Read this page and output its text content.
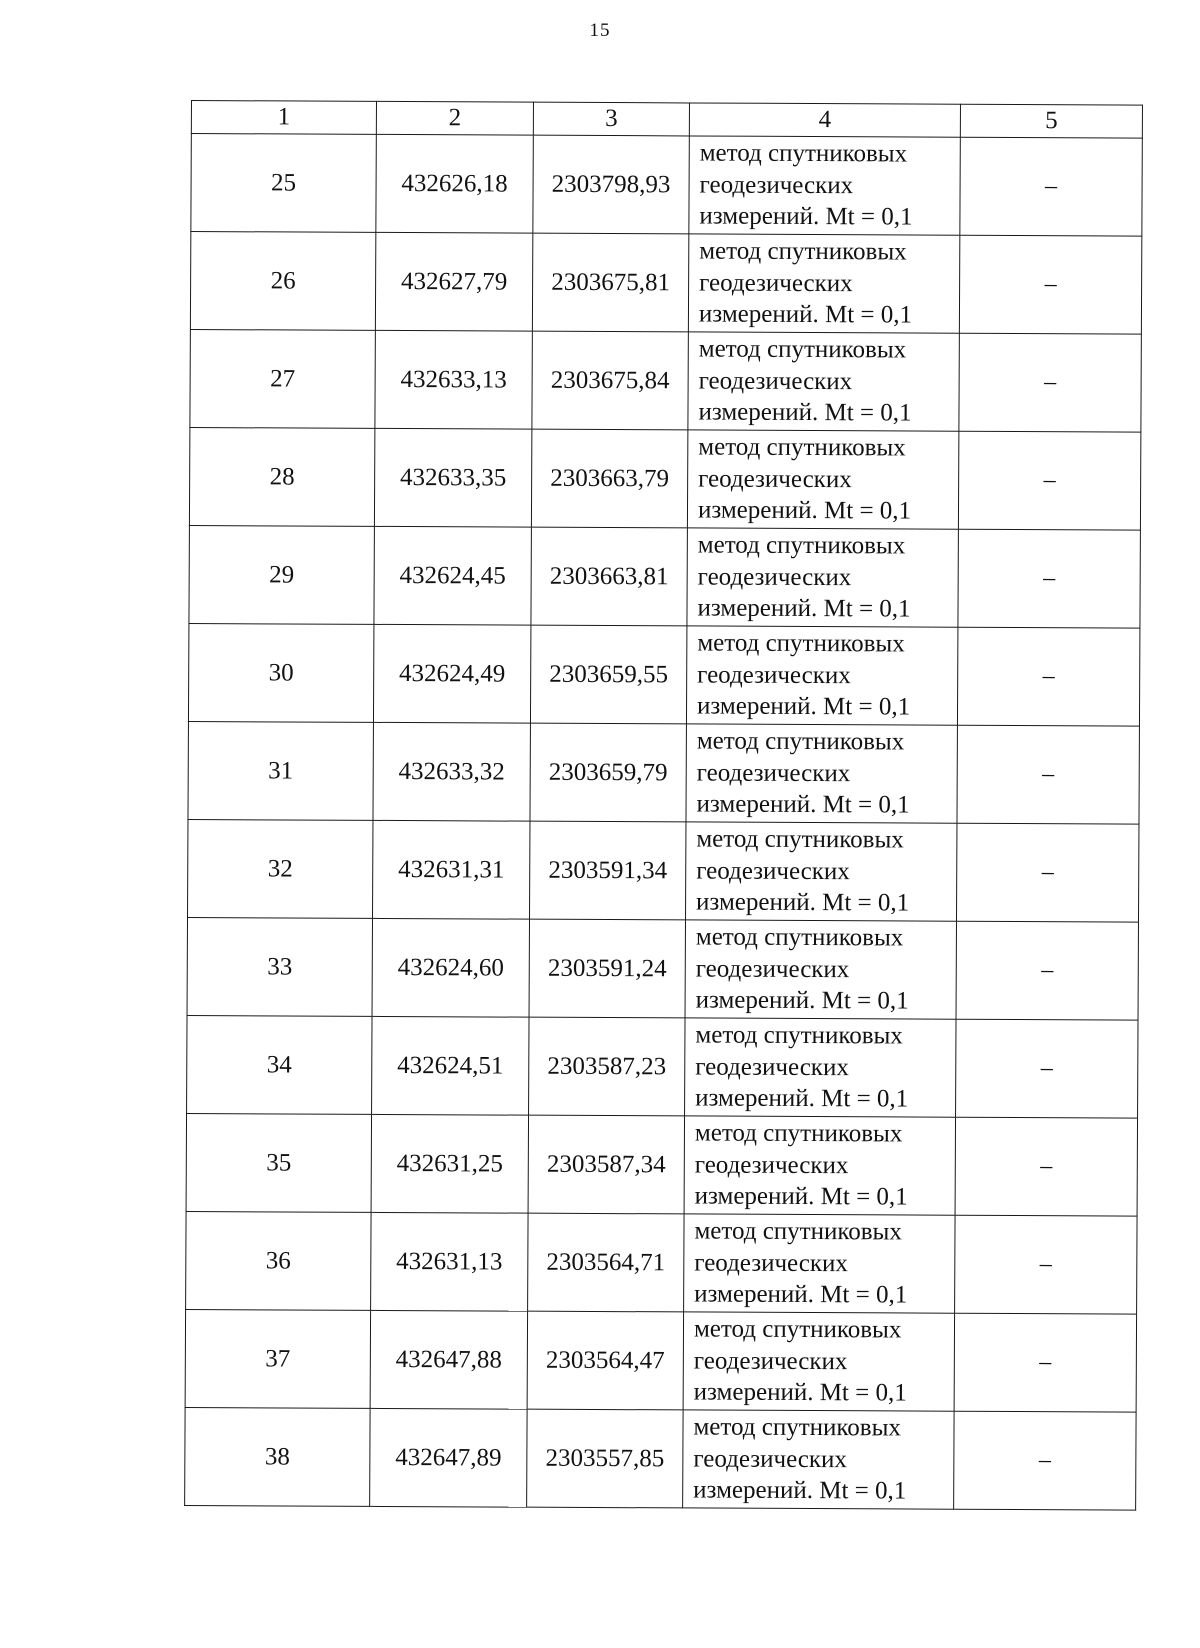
15
1	2	3	4	5
25	432626,18	2303798,93	метод спутниковых
геодезических
измерений. Mt = 0,1	–
26	432627,79	2303675,81	метод спутниковых
геодезических
измерений. Mt = 0,1	–
27	432633,13	2303675,84	метод спутниковых
геодезических
измерений. Mt = 0,1	–
28	432633,35	2303663,79	метод спутниковых
геодезических
измерений. Mt = 0,1	–
29	432624,45	2303663,81	метод спутниковых
геодезических
измерений. Mt = 0,1	–
30	432624,49	2303659,55	метод спутниковых
геодезических
измерений. Mt = 0,1	–
31	432633,32	2303659,79	метод спутниковых
геодезических
измерений. Mt = 0,1	–
32	432631,31	2303591,34	метод спутниковых
геодезических
измерений. Mt = 0,1	–
33	432624,60	2303591,24	метод спутниковых
геодезических
измерений. Mt = 0,1	–
34	432624,51	2303587,23	метод спутниковых
геодезических
измерений. Mt = 0,1	–
35	432631,25	2303587,34	метод спутниковых
геодезических
измерений. Mt = 0,1	–
36	432631,13	2303564,71	метод спутниковых
геодезических
измерений. Mt = 0,1	–
37	432647,88	2303564,47	метод спутниковых
геодезических
измерений. Mt = 0,1	–
38	432647,89	2303557,85	метод спутниковых
геодезических
измерений. Mt = 0,1	–
